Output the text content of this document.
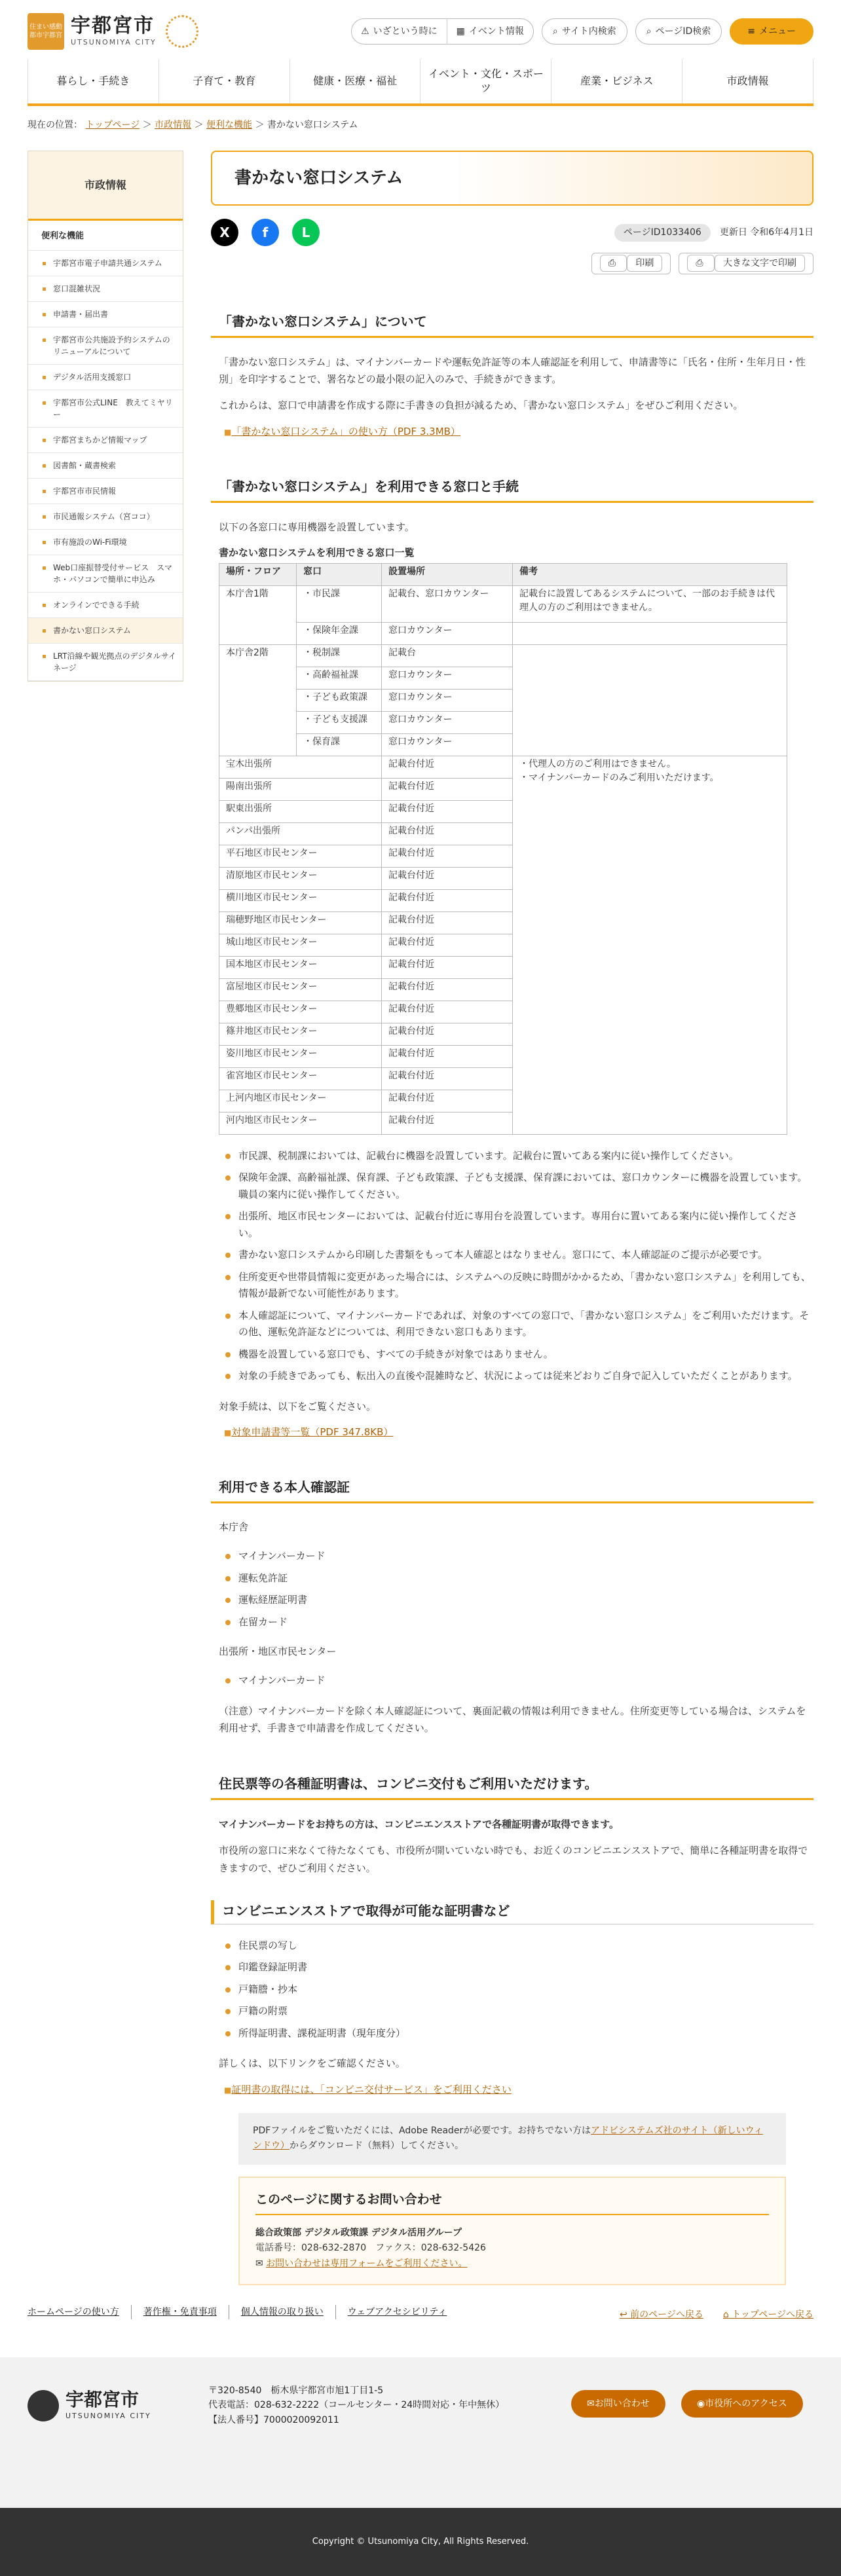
住まい感動都市宇都宮 宇都宮市
UTSUNOMIYA CITY
⚠ いざという時に ▦ イベント情報	⌕ サイト内検索	⌕ ページID検索	≡ メニュー
暮らし・手続き	子育て・教育	健康・医療・福祉
イベント・文化・スポーツ
産業・ビジネス	市政情報
現在の位置： トップページ ＞ 市政情報 ＞ 便利な機能 ＞ 書かない窓口システム
市政情報
便利な機能
宇都宮市電子申請共通システム
窓口混雑状況
申請書・届出書
宇都宮市公共施設予約システムのリニューアルについて
デジタル活用支援窓口
宇都宮市公式LINE　教えてミヤリー
宇都宮まちかど情報マップ
図書館・蔵書検索
宇都宮市市民情報
市民通報システム（宮ココ）
市有施設のWi-Fi環境
Web口座振替受付サービス　スマホ・パソコンで簡単に申込み
オンラインでできる手続
書かない窓口システム
LRT沿線や観光拠点のデジタルサイネージ
書かない窓口システム
X	f	L	ページID1033406	更新日 令和6年4月1日
⎙ 印刷	⎙ 大きな文字で印刷
「書かない窓口システム」について

「書かない窓口システム」は、マイナンバーカードや運転免許証等の本人確認証を利用して、申請書等に「氏名・住所・生年月日・性別」を印字することで、署名などの最小限の記入のみで、手続きができます。

これからは、窓口で申請書を作成する際に手書きの負担が減るため、「書かない窓口システム」をぜひご利用ください。

■ 「書かない窓口システム」の使い方（PDF 3.3MB）
「書かない窓口システム」を利用できる窓口と手続

以下の各窓口に専用機器を設置しています。

書かない窓口システムを利用できる窓口一覧
場所・フロア	窓口	設置場所	備考
本庁舎1階	・市民課	記載台、窓口カウンター	記載台に設置してあるシステムについて、一部のお手続きは代理人の方のご利用はできません。
	・保険年金課	窓口カウンター	
本庁舎2階	・税制課	記載台	
	・高齢福祉課	窓口カウンター	
	・子ども政策課	窓口カウンター	
	・子ども支援課	窓口カウンター	
	・保育課	窓口カウンター	
宝木出張所		記載台付近	・代理人の方のご利用はできません。
・マイナンバーカードのみご利用いただけます。

陽南出張所		記載台付近	
駅東出張所		記載台付近	
パンパ出張所		記載台付近	
平石地区市民センター		記載台付近	
清原地区市民センター		記載台付近	
横川地区市民センター		記載台付近	
瑞穂野地区市民センター		記載台付近	
城山地区市民センター		記載台付近	
国本地区市民センター		記載台付近	
富屋地区市民センター		記載台付近	
豊郷地区市民センター		記載台付近	
篠井地区市民センター		記載台付近	
姿川地区市民センター		記載台付近	
雀宮地区市民センター		記載台付近	
上河内地区市民センター		記載台付近	
河内地区市民センター		記載台付近	
市民課、税制課においては、記載台に機器を設置しています。記載台に置いてある案内に従い操作してください。
保険年金課、高齢福祉課、保育課、子ども政策課、子ども支援課、保育課においては、窓口カウンターに機器を設置しています。職員の案内に従い操作してください。
出張所、地区市民センターにおいては、記載台付近に専用台を設置しています。専用台に置いてある案内に従い操作してください。
書かない窓口システムから印刷した書類をもって本人確認とはなりません。窓口にて、本人確認証のご提示が必要です。
住所変更や世帯員情報に変更があった場合には、システムへの反映に時間がかかるため、「書かない窓口システム」を利用しても、情報が最新でない可能性があります。
本人確認証について、マイナンバーカードであれば、対象のすべての窓口で、「書かない窓口システム」をご利用いただけます。その他、運転免許証などについては、利用できない窓口もあります。
機器を設置している窓口でも、すべての手続きが対象ではありません。
対象の手続きであっても、転出入の直後や混雑時など、状況によっては従来どおりご自身で記入していただくことがあります。

対象手続は、以下をご覧ください。

■ 対象申請書等一覧（PDF 347.8KB）
利用できる本人確認証
本庁舎
マイナンバーカード
運転免許証
運転経歴証明書
在留カード
出張所・地区市民センター
マイナンバーカード

（注意）マイナンバーカードを除く本人確認証について、裏面記載の情報は利用できません。住所変更等している場合は、システムを利用せず、手書きで申請書を作成してください。

住民票等の各種証明書は、コンビニ交付もご利用いただけます。

マイナンバーカードをお持ちの方は、コンビニエンスストアで各種証明書が取得できます。

市役所の窓口に来なくて待たなくても、市役所が開いていない時でも、お近くのコンビニエンスストアで、簡単に各種証明書を取得できますので、ぜひご利用ください。

コンビニエンスストアで取得が可能な証明書など
住民票の写し
印鑑登録証明書
戸籍謄・抄本
戸籍の附票
所得証明書、課税証明書（現年度分）

詳しくは、以下リンクをご確認ください。

■ 証明書の取得には、「コンビニ交付サービス」をご利用ください
PDFファイルをご覧いただくには、Adobe Readerが必要です。お持ちでない方はアドビシステムズ社のサイト（新しいウィンドウ）からダウンロード（無料）してください。
このページに関するお問い合わせ
総合政策部 デジタル政策課 デジタル活用グループ
電話番号：028-632-2870　ファクス：028-632-5426
✉ お問い合わせは専用フォームをご利用ください。
↩ 前のページへ戻る ⌂ トップページへ戻る
ホームページの使い方	著作権・免責事項	個人情報の取り扱い	ウェブアクセシビリティ
宇都宮市
UTSUNOMIYA CITY
〒320-8540　栃木県宇都宮市旭1丁目1-5
代表電話：028-632-2222（コールセンター・24時間対応・年中無休）
【法人番号】7000020092011
✉ お問い合わせ	◉ 市役所へのアクセス
Copyright © Utsunomiya City, All Rights Reserved.
